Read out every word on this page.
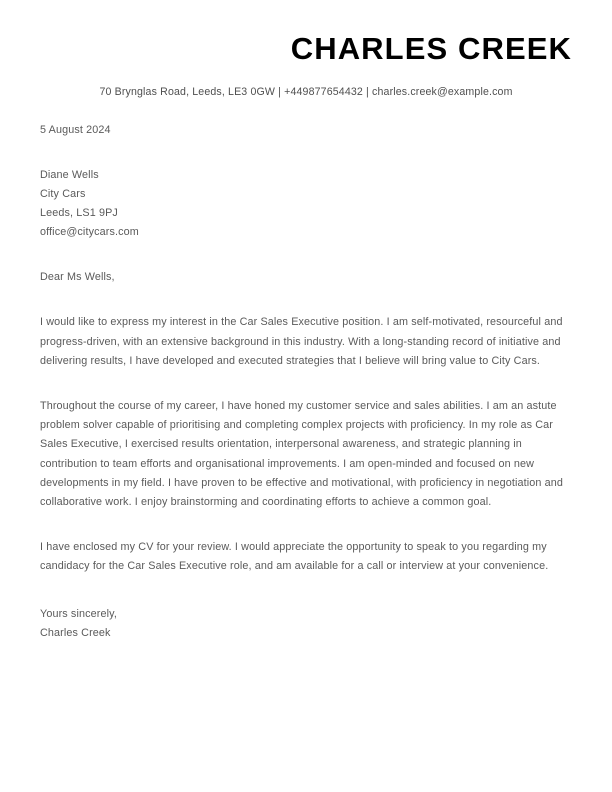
CHARLES CREEK
70 Brynglas Road, Leeds, LE3 0GW | +449877654432 | charles.creek@example.com
5 August 2024
Diane Wells
City Cars
Leeds, LS1 9PJ
office@citycars.com
Dear Ms Wells,

I would like to express my interest in the Car Sales Executive position. I am self-motivated, resourceful and progress-driven, with an extensive background in this industry. With a long-standing record of initiative and delivering results, I have developed and executed strategies that I believe will bring value to City Cars.

Throughout the course of my career, I have honed my customer service and sales abilities. I am an astute problem solver capable of prioritising and completing complex projects with proficiency. In my role as Car Sales Executive, I exercised results orientation, interpersonal awareness, and strategic planning in contribution to team efforts and organisational improvements. I am open-minded and focused on new developments in my field. I have proven to be effective and motivational, with proficiency in negotiation and collaborative work. I enjoy brainstorming and coordinating efforts to achieve a common goal.

I have enclosed my CV for your review. I would appreciate the opportunity to speak to you regarding my candidacy for the Car Sales Executive role, and am available for a call or interview at your convenience.

Yours sincerely,
Charles Creek
